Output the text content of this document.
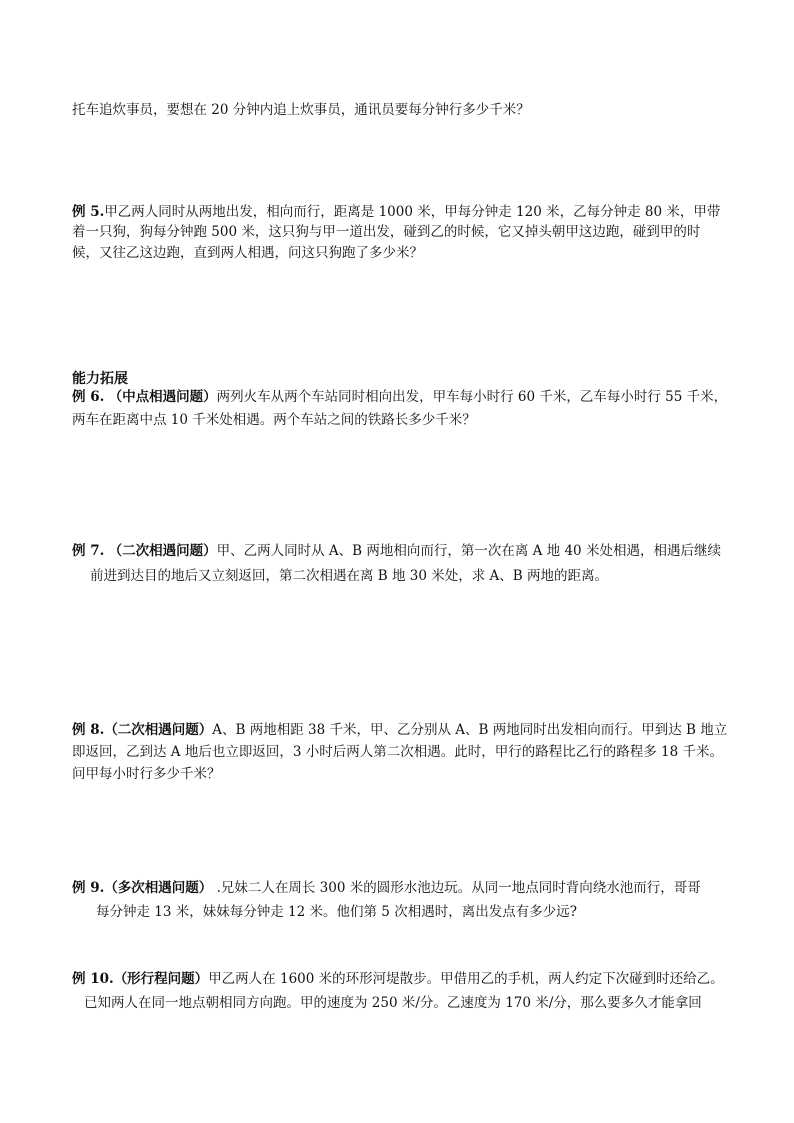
托车追炊事员，要想在 20 分钟内追上炊事员，通讯员要每分钟行多少千米？
例 5.甲乙两人同时从两地出发，相向而行，距离是 1000 米，甲每分钟走 120 米，乙每分钟走 80 米，甲带
着一只狗，狗每分钟跑 500 米，这只狗与甲一道出发，碰到乙的时候，它又掉头朝甲这边跑，碰到甲的时
候，又往乙这边跑，直到两人相遇，问这只狗跑了多少米？
能力拓展
例 6. （中点相遇问题）两列火车从两个车站同时相向出发，甲车每小时行 60 千米，乙车每小时行 55 千米，
两车在距离中点 10 千米处相遇。两个车站之间的铁路长多少千米？
例 7. （二次相遇问题）甲、乙两人同时从 A、B 两地相向而行，第一次在离 A 地 40 米处相遇，相遇后继续
前进到达目的地后又立刻返回，第二次相遇在离 B 地 30 米处，求 A、B 两地的距离。
例 8.（二次相遇问题）A、B 两地相距 38 千米，甲、乙分别从 A、B 两地同时出发相向而行。甲到达 B 地立
即返回，乙到达 A 地后也立即返回，3 小时后两人第二次相遇。此时，甲行的路程比乙行的路程多 18 千米。
问甲每小时行多少千米？
例 9.（多次相遇问题） .兄妹二人在周长 300 米的圆形水池边玩。从同一地点同时背向绕水池而行，哥哥
每分钟走 13 米，妹妹每分钟走 12 米。他们第 5 次相遇时，离出发点有多少远?
例 10.（形行程问题）甲乙两人在 1600 米的环形河堤散步。甲借用乙的手机，两人约定下次碰到时还给乙。
已知两人在同一地点朝相同方向跑。甲的速度为 250 米/分。乙速度为 170 米/分，那么要多久才能拿回
